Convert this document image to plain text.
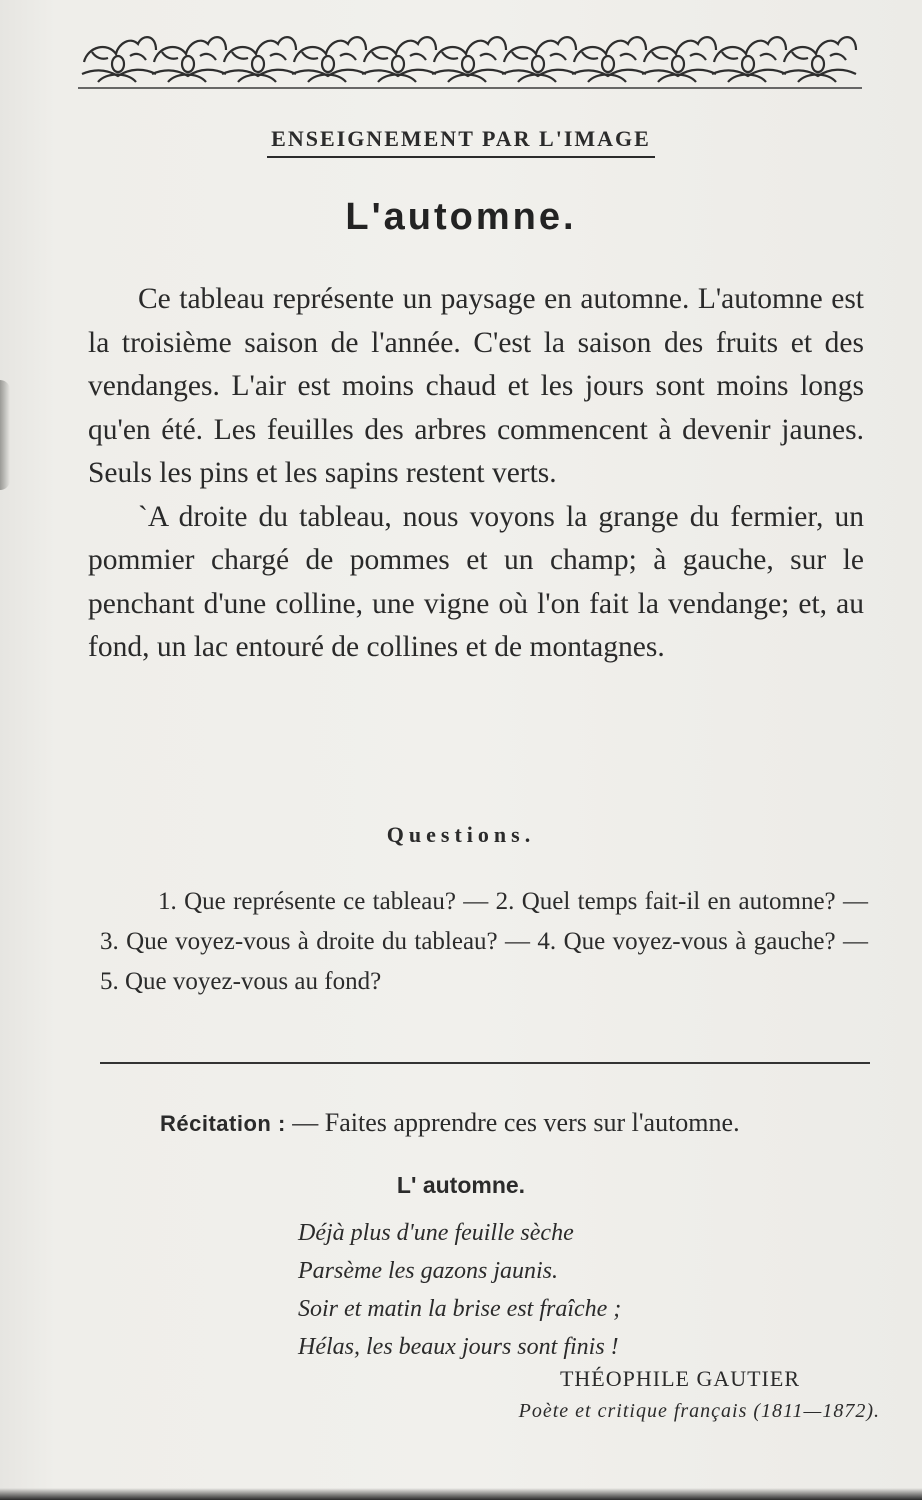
ENSEIGNEMENT PAR L'IMAGE
L'automne.

Ce tableau représente un paysage en automne. L'automne est la troisième saison de l'année. C'est la saison des fruits et des vendanges. L'air est moins chaud et les jours sont moins longs qu'en été. Les feuilles des arbres commencent à devenir jaunes. Seuls les pins et les sapins restent verts.

`A droite du tableau, nous voyons la grange du fermier, un pommier chargé de pommes et un champ; à gauche, sur le penchant d'une colline, une vigne où l'on fait la vendange; et, au fond, un lac entouré de collines et de montagnes.

Questions.
1. Que représente ce tableau? — 2. Quel temps fait-il en automne? — 3. Que voyez-vous à droite du tableau? — 4. Que voyez-vous à gauche? — 5. Que voyez-vous au fond?
Récitation : — Faites apprendre ces vers sur l'automne.
L' automne.
Déjà plus d'une feuille sèche
Parsème les gazons jaunis.
Soir et matin la brise est fraîche ;
Hélas, les beaux jours sont finis !
THÉOPHILE GAUTIER
Poète et critique français (1811—1872).
